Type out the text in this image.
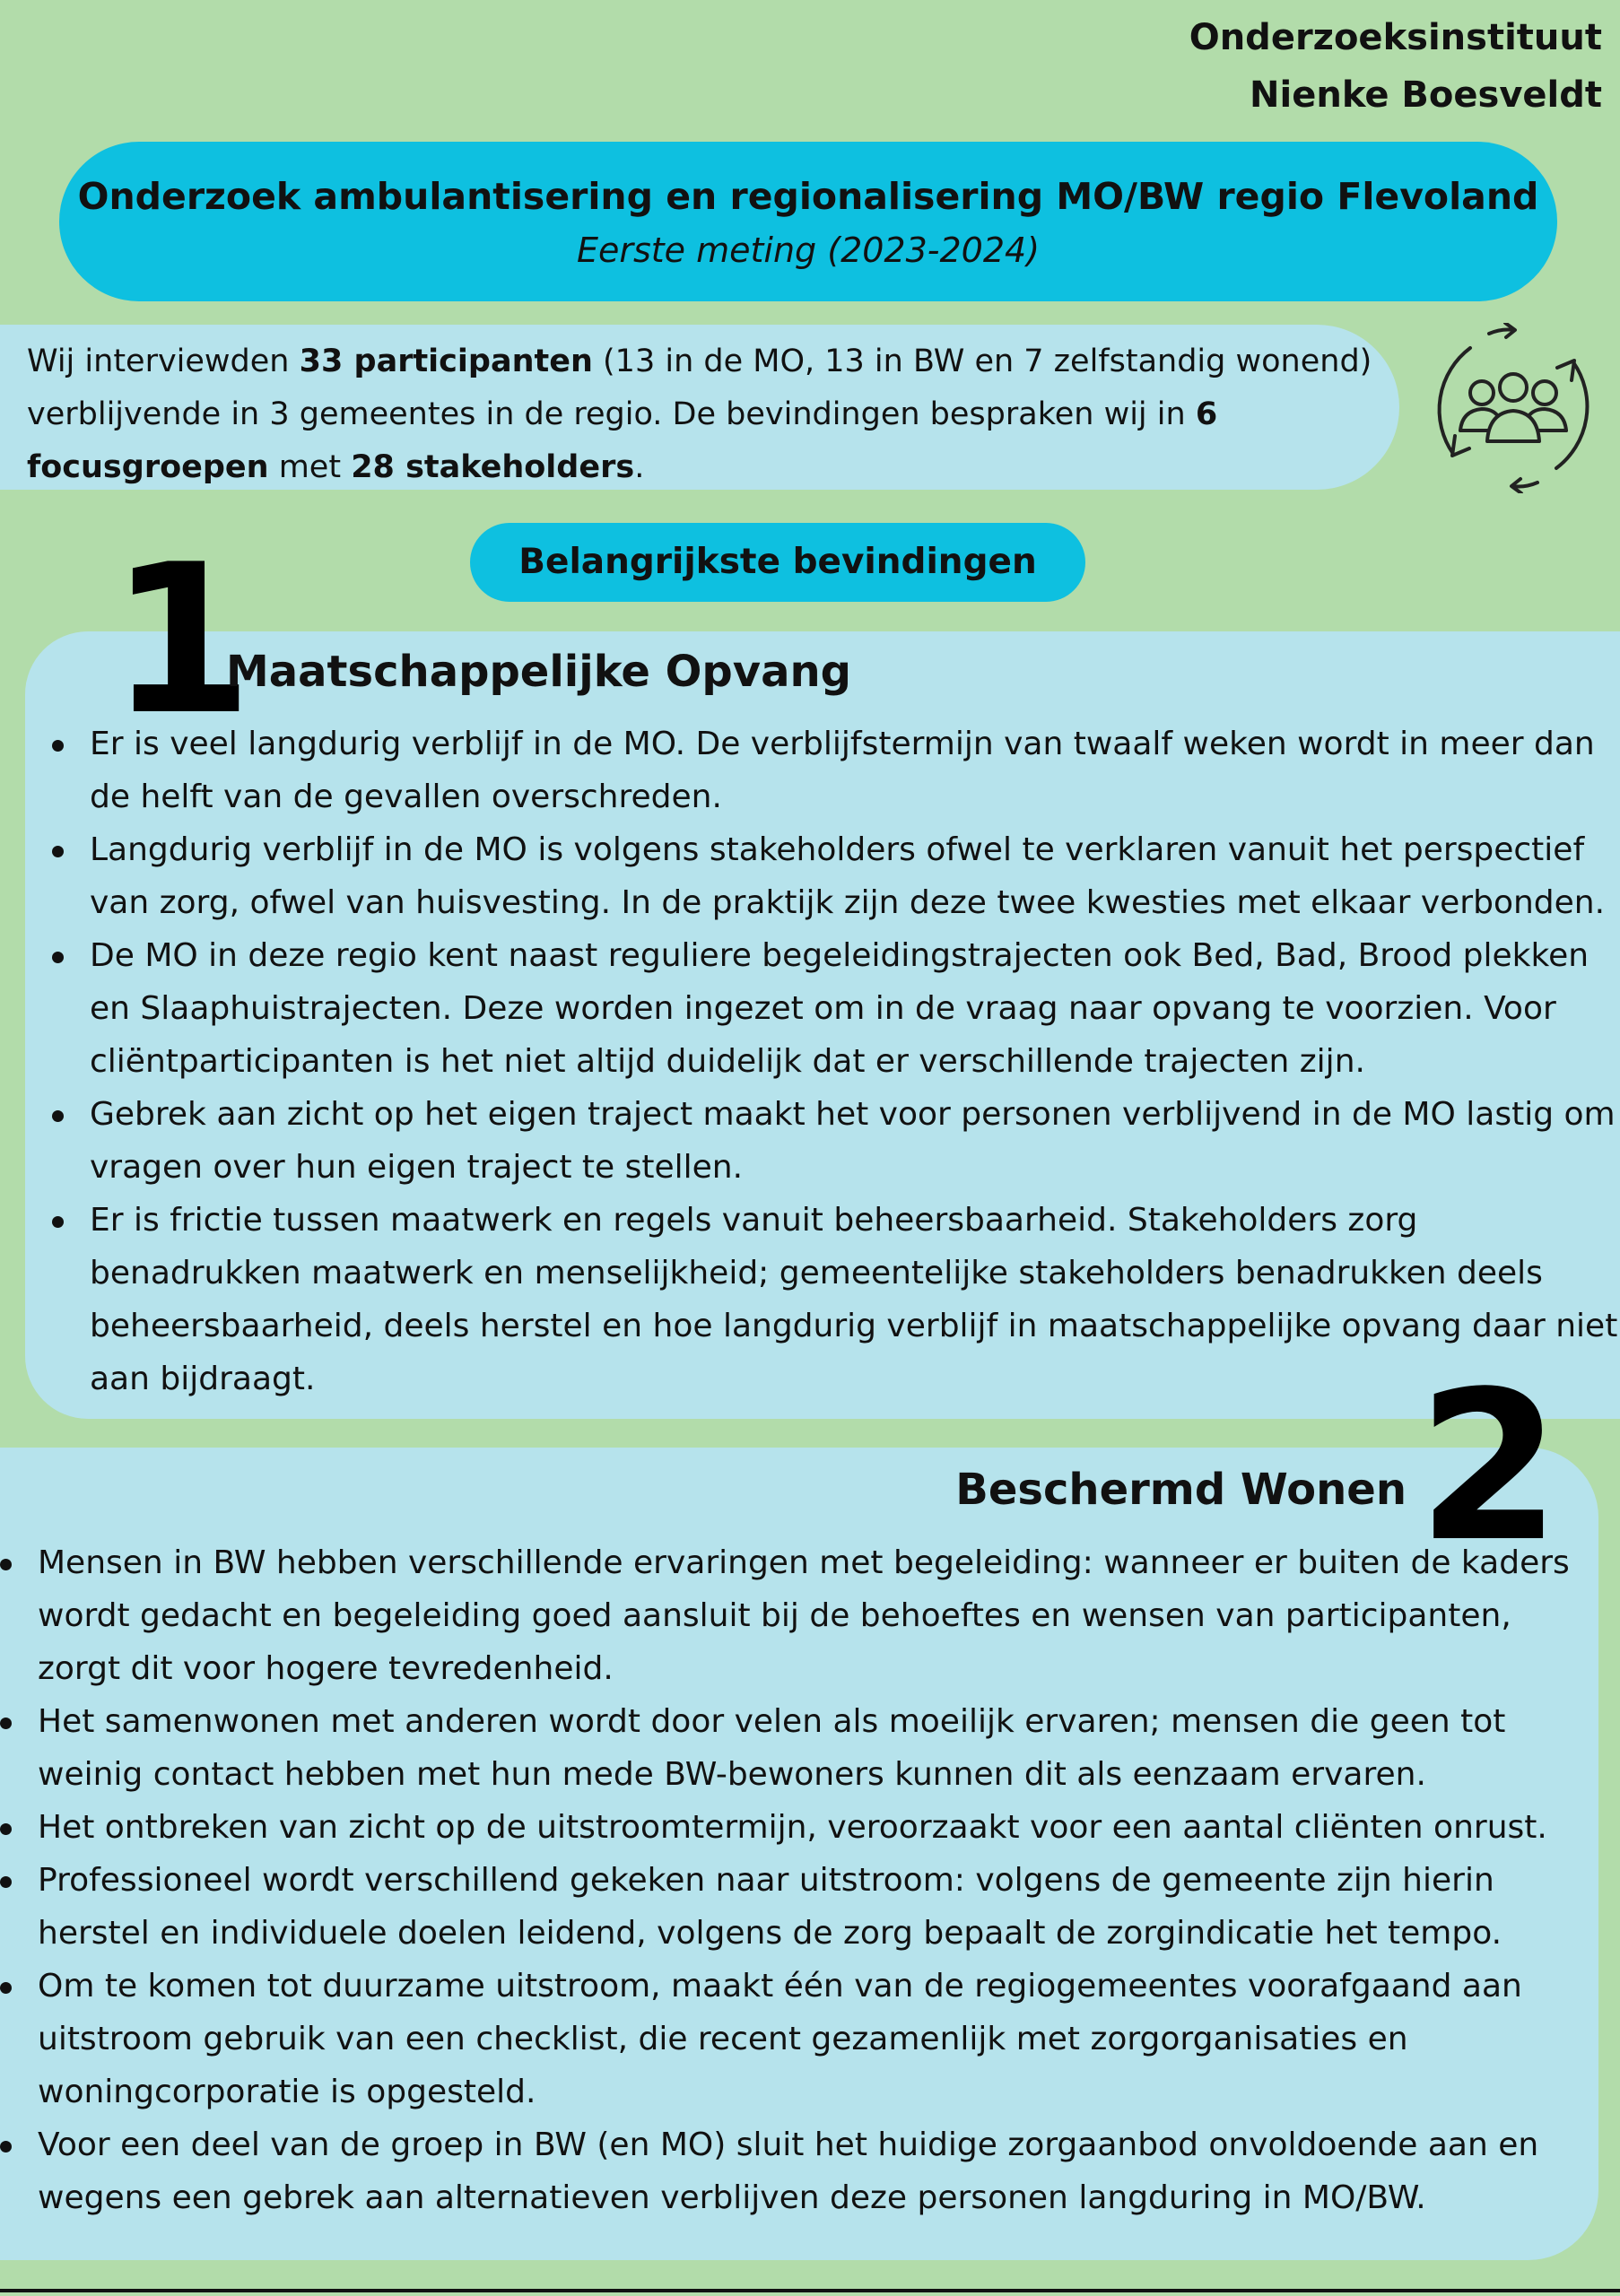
Onderzoeksinstituut
Nienke Boesveldt
Onderzoek ambulantisering en regionalisering MO/BW regio Flevoland
Eerste meting (2023-2024)
Wij interviewden 33 participanten (13 in de MO, 13 in BW en 7 zelfstandig wonend) verblijvende in 3 gemeentes in de regio. De bevindingen bespraken wij in 6 focusgroepen met 28 stakeholders.
Belangrijkste bevindingen
1
Maatschappelijke Opvang
Er is veel langdurig verblijf in de MO. De verblijfstermijn van twaalf weken wordt in meer dan de helft van de gevallen overschreden.
Langdurig verblijf in de MO is volgens stakeholders ofwel te verklaren vanuit het perspectief van zorg, ofwel van huisvesting. In de praktijk zijn deze twee kwesties met elkaar verbonden.
De MO in deze regio kent naast reguliere begeleidingstrajecten ook Bed, Bad, Brood plekken en Slaaphuistrajecten. Deze worden ingezet om in de vraag naar opvang te voorzien. Voor cliëntparticipanten is het niet altijd duidelijk dat er verschillende trajecten zijn.
Gebrek aan zicht op het eigen traject maakt het voor personen verblijvend in de MO lastig om vragen over hun eigen traject te stellen.
Er is frictie tussen maatwerk en regels vanuit beheersbaarheid. Stakeholders zorg benadrukken maatwerk en menselijkheid; gemeentelijke stakeholders benadrukken deels beheersbaarheid, deels herstel en hoe langdurig verblijf in maatschappelijke opvang daar niet aan bijdraagt.
Beschermd Wonen 2
Mensen in BW hebben verschillende ervaringen met begeleiding: wanneer er buiten de kaders wordt gedacht en begeleiding goed aansluit bij de behoeftes en wensen van participanten, zorgt dit voor hogere tevredenheid.
Het samenwonen met anderen wordt door velen als moeilijk ervaren; mensen die geen tot weinig contact hebben met hun mede BW-bewoners kunnen dit als eenzaam ervaren.
Het ontbreken van zicht op de uitstroomtermijn, veroorzaakt voor een aantal cliënten onrust.
Professioneel wordt verschillend gekeken naar uitstroom: volgens de gemeente zijn hierin herstel en individuele doelen leidend, volgens de zorg bepaalt de zorgindicatie het tempo.
Om te komen tot duurzame uitstroom, maakt één van de regiogemeentes voorafgaand aan uitstroom gebruik van een checklist, die recent gezamenlijk met zorgorganisaties en woningcorporatie is opgesteld.
Voor een deel van de groep in BW (en MO) sluit het huidige zorgaanbod onvoldoende aan en wegens een gebrek aan alternatieven verblijven deze personen langduring in MO/BW.
